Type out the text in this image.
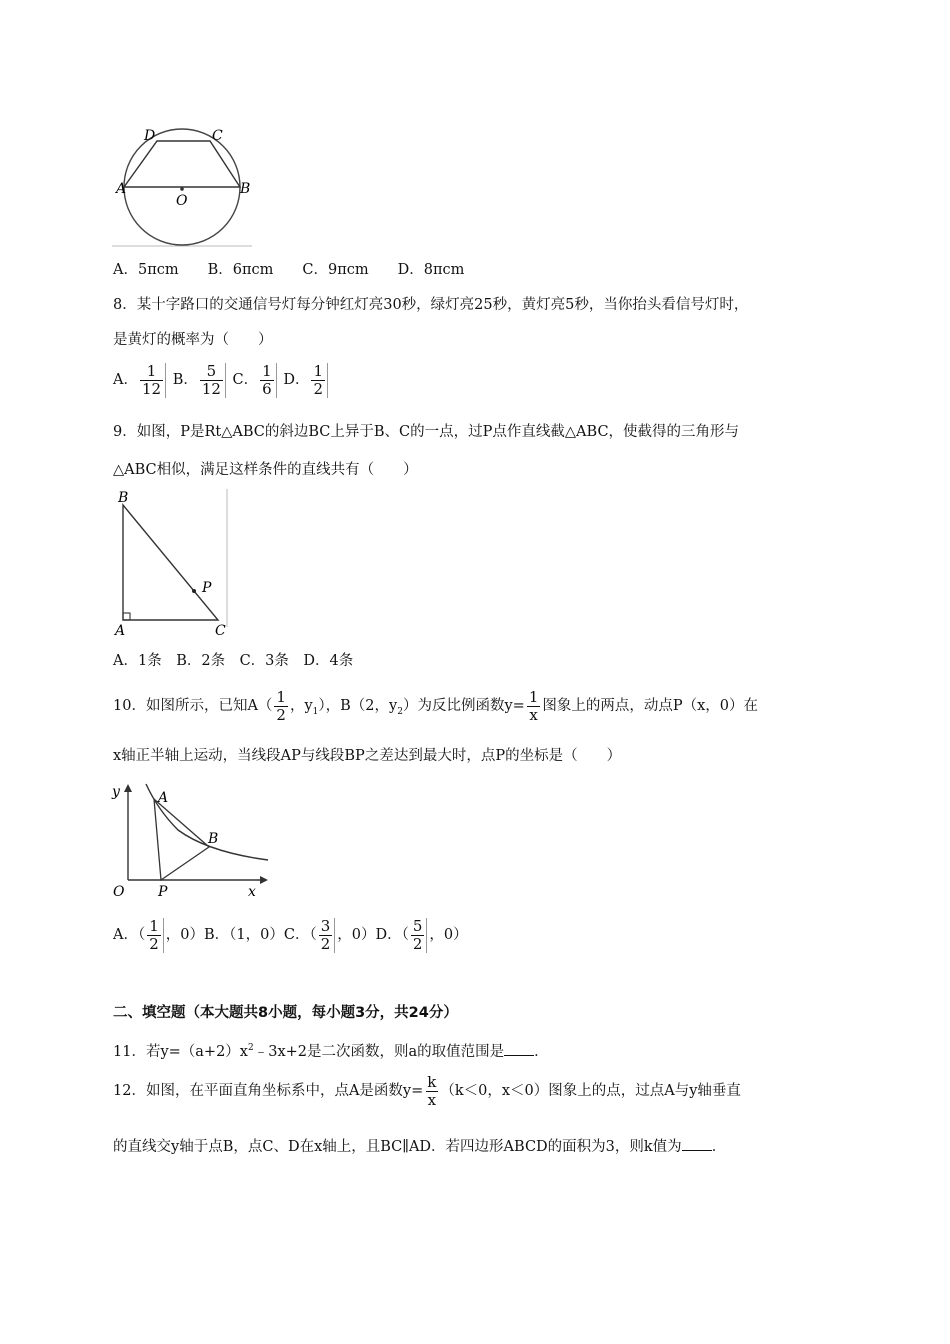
D	C
A	B
O
A．5πcm　　B．6πcm　　C．9πcm　　D．8πcm
8．某十字路口的交通信号灯每分钟红灯亮30秒，绿灯亮25秒，黄灯亮5秒，当你抬头看信号灯时，
是黄灯的概率为（　　）
A． $\frac{1}{12}$ B． $\frac{5}{12}$ C． $\frac{1}{6}$ D． $\frac{1}{2}$
9．如图，P是Rt△ABC的斜边BC上异于B、C的一点，过P点作直线截△ABC，使截得的三角形与
△ABC相似，满足这样条件的直线共有（　　）
B
P
A	C
A．1条　B．2条　C．3条　D．4条
10．如图所示，已知$A( \frac{1}{2}$ ，$y_1$），B（2，$y_2$）为反比例函数$y= \frac{1}{x}$ 图象上的两点，动点P（x，0）在
x轴正半轴上运动，当线段AP与线段BP之差达到最大时，点P的坐标是（　　）
y	A
B
O P	x
A．（ $\frac{1}{2}$ ，0）B．（1，0）C．（ $\frac{3}{2}$ ，0）D．（ $\frac{5}{2}$ ，0）
二、填空题（本大题共8小题，每小题3分，共24分）
11．若$y=(a+2)x^2﹣3x+2$是二次函数，则a的取值范围是 ．
12．如图，在平面直角坐标系中，点A是函数$y= \frac{k}{x} (k<0$，x＜0）图象上的点，过点A与y轴垂直
的直线交y轴于点B，点C、D在x轴上，且BC∥AD．若四边形ABCD的面积为3，则k值为 ．
